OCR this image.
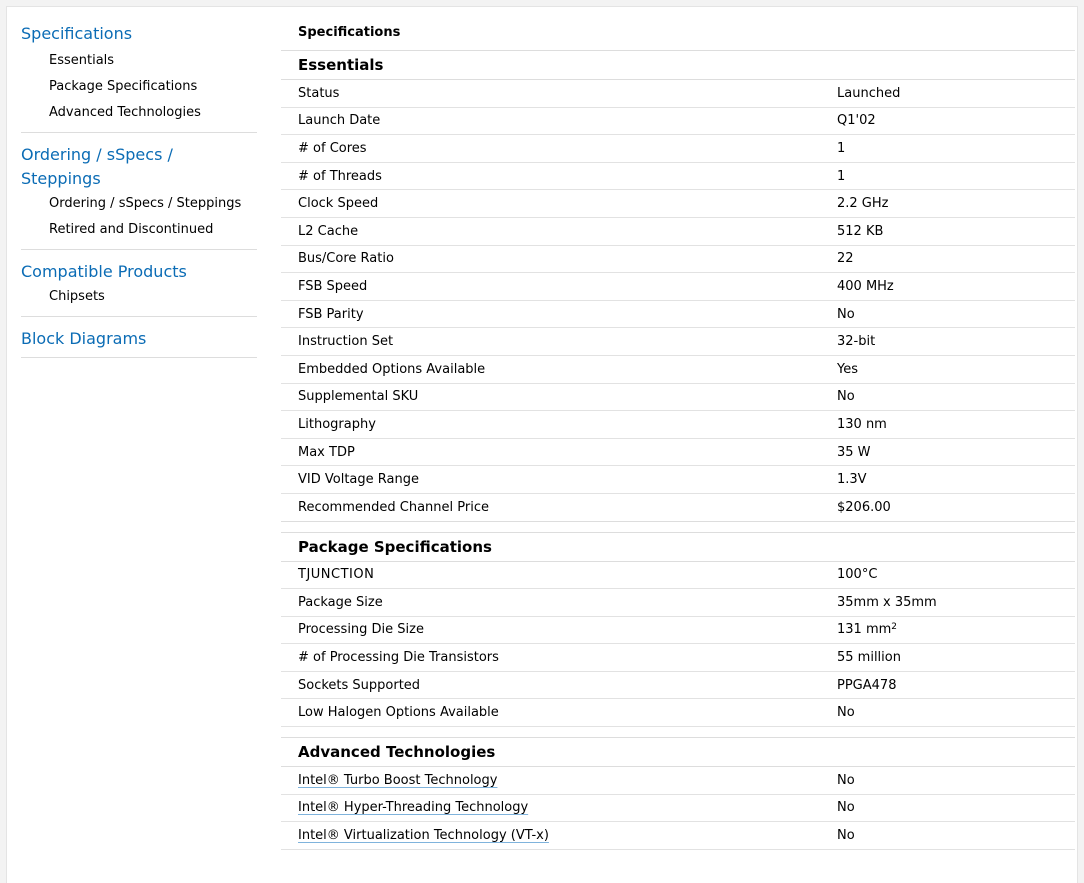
Specifications
Essentials
Package Specifications
Advanced Technologies
Ordering / sSpecs / Steppings
Ordering / sSpecs / Steppings
Retired and Discontinued
Compatible Products
Chipsets
Block Diagrams
Specifications
Essentials
Status	Launched
Launch Date	Q1'02
# of Cores	1
# of Threads	1
Clock Speed	2.2 GHz
L2 Cache	512 KB
Bus/Core Ratio	22
FSB Speed	400 MHz
FSB Parity	No
Instruction Set	32-bit
Embedded Options Available	Yes
Supplemental SKU	No
Lithography	130 nm
Max TDP	35 W
VID Voltage Range	1.3V
Recommended Channel Price	$206.00
Package Specifications
TJUNCTION	100°C
Package Size	35mm x 35mm
Processing Die Size	131 $mm^2$
# of Processing Die Transistors	55 million
Sockets Supported	PPGA478
Low Halogen Options Available	No
Advanced Technologies
Intel® Turbo Boost Technology	No
Intel® Hyper-Threading Technology	No
Intel® Virtualization Technology (VT-x)	No
